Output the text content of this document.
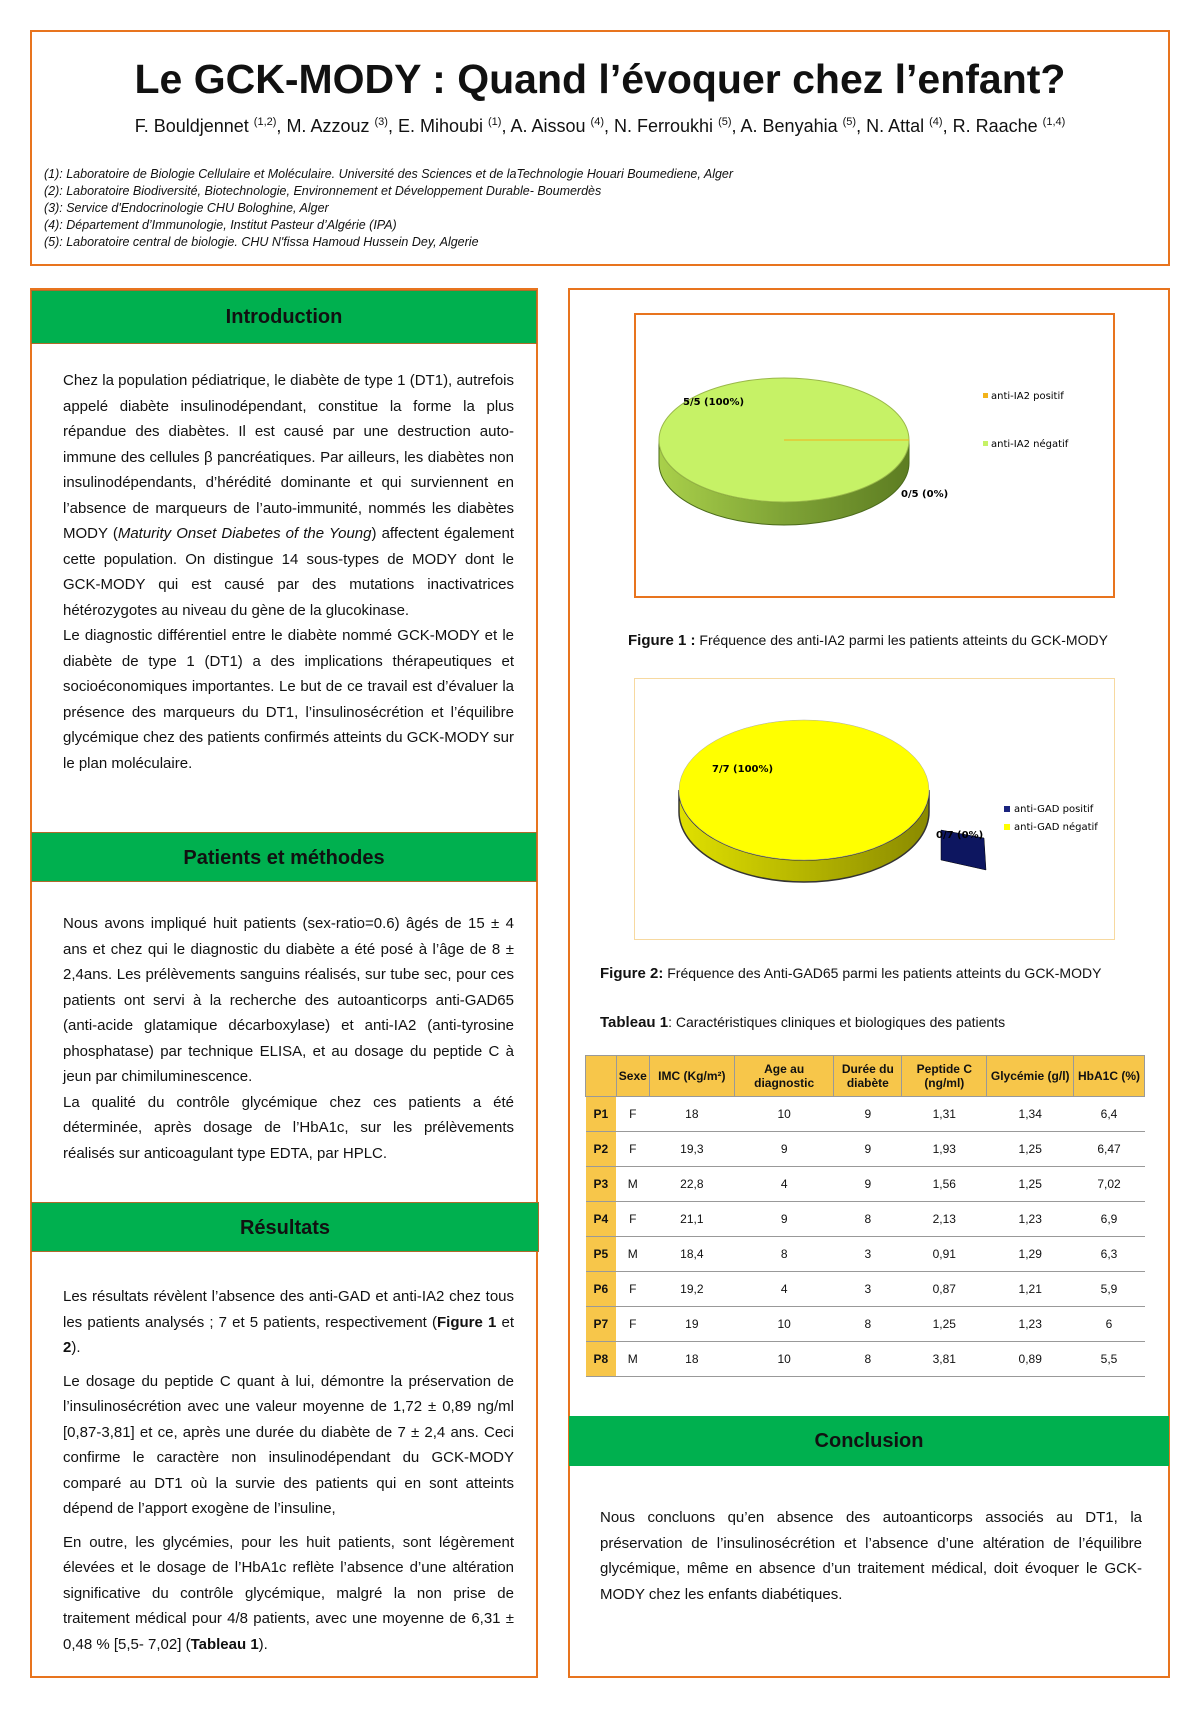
Le GCK-MODY : Quand l’évoquer chez l’enfant?
F. Bouldjennet $^{(1,2)}$, M. Azzouz $^{(3)}$, E. Mihoubi $^{(1)}$, A. Aissou $^{(4)}$, N. Ferroukhi $^{(5)}$, A. Benyahia $^{(5)}$, N. Attal $^{(4)}$, R. Raache $^{(1,4)}$
(1): Laboratoire de Biologie Cellulaire et Moléculaire. Université des Sciences et de laTechnologie Houari Boumediene, Alger
(2): Laboratoire Biodiversité, Biotechnologie, Environnement et Développement Durable- Boumerdès
(3): Service d'Endocrinologie CHU Bologhine, Alger
(4): Département d’Immunologie, Institut Pasteur d’Algérie (IPA)
(5): Laboratoire central de biologie. CHU N'fissa Hamoud Hussein Dey, Algerie
Introduction

Chez la population pédiatrique, le diabète de type 1 (DT1), autrefois appelé diabète insulinodépendant, constitue la forme la plus répandue des diabètes. Il est causé par une destruction auto-immune des cellules β pancréatiques. Par ailleurs, les diabètes non insulinodépendants, d’hérédité dominante et qui surviennent en l’absence de marqueurs de l’auto-immunité, nommés les diabètes MODY (Maturity Onset Diabetes of the Young) affectent également cette population. On distingue 14 sous-types de MODY dont le GCK-MODY qui est causé par des mutations inactivatrices hétérozygotes au niveau du gène de la glucokinase.

Le diagnostic différentiel entre le diabète nommé GCK-MODY et le diabète de type 1 (DT1) a des implications thérapeutiques et socioéconomiques importantes. Le but de ce travail est d’évaluer la présence des marqueurs du DT1, l’insulinosécrétion et l’équilibre glycémique chez des patients confirmés atteints du GCK-MODY sur le plan moléculaire.

Patients et méthodes

Nous avons impliqué huit patients (sex-ratio=0.6) âgés de 15 ± 4 ans et chez qui le diagnostic du diabète a été posé à l’âge de 8 ± 2,4ans. Les prélèvements sanguins réalisés, sur tube sec, pour ces patients ont servi à la recherche des autoanticorps anti-GAD65 (anti-acide glatamique décarboxylase) et anti-IA2 (anti-tyrosine phosphatase) par technique ELISA, et au dosage du peptide C à jeun par chimiluminescence.

La qualité du contrôle glycémique chez ces patients a été déterminée, après dosage de l’HbA1c, sur les prélèvements réalisés sur anticoagulant type EDTA, par HPLC.

Résultats

Les résultats révèlent l’absence des anti-GAD et anti-IA2 chez tous les patients analysés ; 7 et 5 patients, respectivement (Figure 1 et 2).

Le dosage du peptide C quant à lui, démontre la préservation de l’insulinosécrétion avec une valeur moyenne de 1,72 ± 0,89 ng/ml [0,87-3,81] et ce, après une durée du diabète de 7 ± 2,4 ans. Ceci confirme le caractère non insulinodépendant du GCK-MODY comparé au DT1 où la survie des patients qui en sont atteints dépend de l’apport exogène de l’insuline,

En outre, les glycémies, pour les huit patients, sont légèrement élevées et le dosage de l’HbA1c reflète l’absence d’une altération significative du contrôle glycémique, malgré la non prise de traitement médical pour 4/8 patients, avec une moyenne de 6,31 ± 0,48 % [5,5- 7,02] (Tableau 1).

5/5 (100%)
0/5 (0%)
anti-IA2 positif
anti-IA2 négatif
Figure 1 : Fréquence des anti-IA2 parmi les patients atteints du GCK-MODY
7/7 (100%)
0/7 (0%)
anti-GAD positif
anti-GAD négatif
Figure 2: Fréquence des Anti-GAD65 parmi les patients atteints du GCK-MODY
Tableau 1: Caractéristiques cliniques et biologiques des patients
	Sexe	IMC (Kg/m²)	Age au diagnostic	Durée du diabète	Peptide C (ng/ml)	Glycémie (g/l)	HbA1C (%)
P1	F	18	10	9	1,31	1,34	6,4
P2	F	19,3	9	9	1,93	1,25	6,47
P3	M	22,8	4	9	1,56	1,25	7,02
P4	F	21,1	9	8	2,13	1,23	6,9
P5	M	18,4	8	3	0,91	1,29	6,3
P6	F	19,2	4	3	0,87	1,21	5,9
P7	F	19	10	8	1,25	1,23	6
P8	M	18	10	8	3,81	0,89	5,5
Conclusion
Nous concluons qu’en absence des autoanticorps associés au DT1, la préservation de l’insulinosécrétion et l’absence d’une altération de l’équilibre glycémique, même en absence d’un traitement médical, doit évoquer le GCK-MODY chez les enfants diabétiques.
